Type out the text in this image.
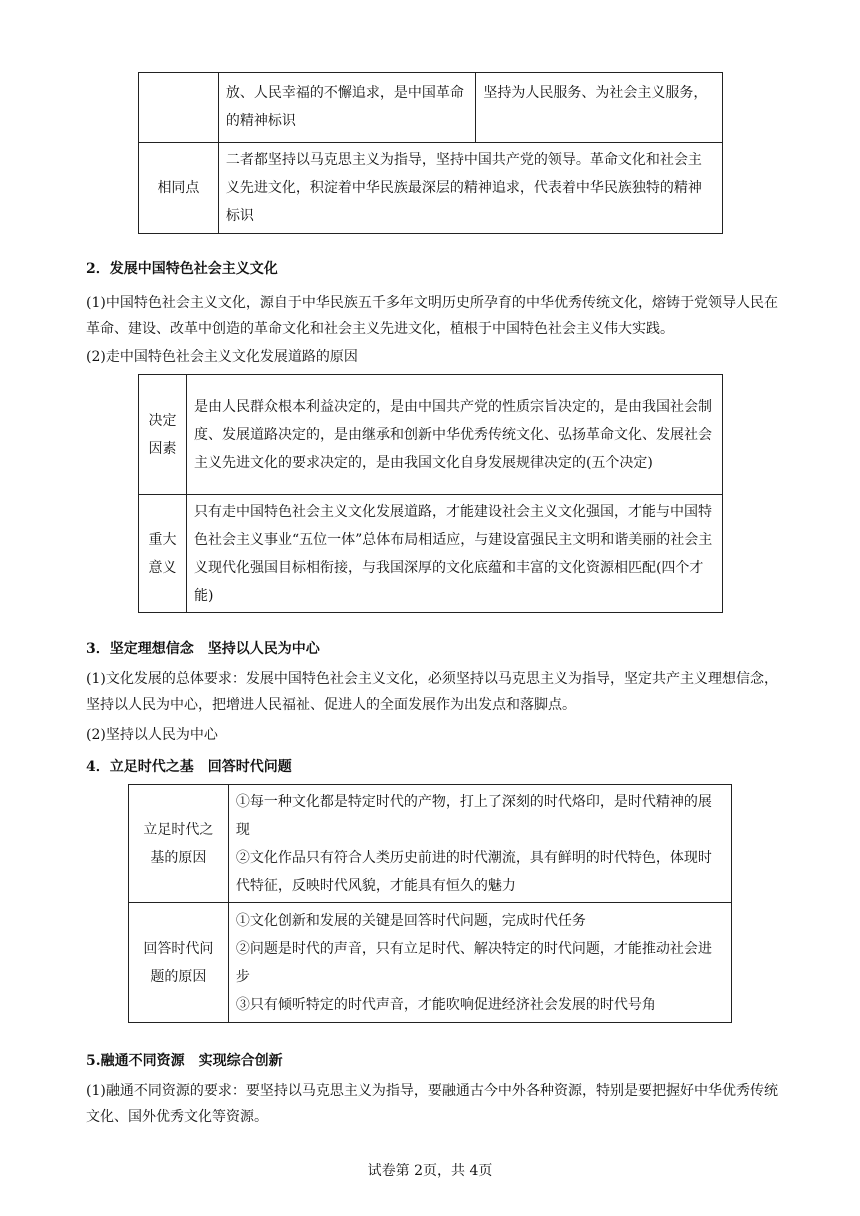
	放、人民幸福的不懈追求，是中国革命的精神标识	坚持为人民服务、为社会主义服务，
相同点	二者都坚持以马克思主义为指导，坚持中国共产党的领导。革命文化和社会主义先进文化，积淀着中华民族最深层的精神追求，代表着中华民族独特的精神标识	
2．发展中国特色社会主义文化
(1)中国特色社会主义文化，源自于中华民族五千多年文明历史所孕育的中华优秀传统文化，熔铸于党领导人民在革命、建设、改革中创造的革命文化和社会主义先进文化，植根于中国特色社会主义伟大实践。
(2)走中国特色社会主义文化发展道路的原因
决定因素	是由人民群众根本利益决定的，是由中国共产党的性质宗旨决定的，是由我国社会制度、发展道路决定的，是由继承和创新中华优秀传统文化、弘扬革命文化、发展社会主义先进文化的要求决定的，是由我国文化自身发展规律决定的(五个决定)
重大意义	只有走中国特色社会主义文化发展道路，才能建设社会主义文化强国，才能与中国特色社会主义事业“五位一体”总体布局相适应，与建设富强民主文明和谐美丽的社会主义现代化强国目标相衔接，与我国深厚的文化底蕴和丰富的文化资源相匹配(四个才能)
3．坚定理想信念　坚持以人民为中心
(1)文化发展的总体要求：发展中国特色社会主义文化，必须坚持以马克思主义为指导，坚定共产主义理想信念，坚持以人民为中心，把增进人民福祉、促进人的全面发展作为出发点和落脚点。
(2)坚持以人民为中心
4．立足时代之基　回答时代问题
立足时代之基的原因	①每一种文化都是特定时代的产物，打上了深刻的时代烙印，是时代精神的展现
②文化作品只有符合人类历史前进的时代潮流，具有鲜明的时代特色，体现时代特征，反映时代风貌，才能具有恒久的魅力

回答时代问题的原因	①文化创新和发展的关键是回答时代问题，完成时代任务
②问题是时代的声音，只有立足时代、解决特定的时代问题，才能推动社会进步
③只有倾听特定的时代声音，才能吹响促进经济社会发展的时代号角
5.融通不同资源　实现综合创新
(1)融通不同资源的要求：要坚持以马克思主义为指导，要融通古今中外各种资源，特别是要把握好中华优秀传统文化、国外优秀文化等资源。
试卷第 2页，共 4页
